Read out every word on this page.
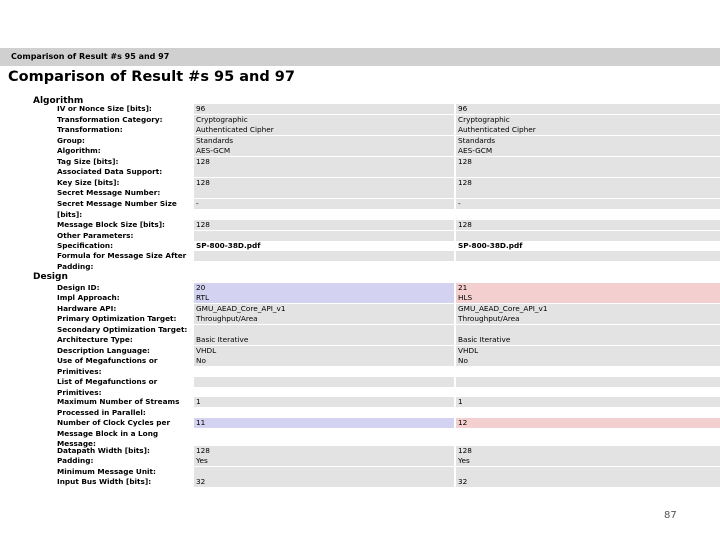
Comparison of Result #s 95 and 97
Comparison of Result #s 95 and 97
Algorithm
IV or Nonce Size [bits]:	96	96
Transformation Category:	Cryptographic	Cryptographic
Transformation:	Authenticated Cipher	Authenticated Cipher
Group:	Standards	Standards
Algorithm:	AES-GCM	AES-GCM
Tag Size [bits]:	128	128
Associated Data Support:
Key Size [bits]:	128	128
Secret Message Number:
Secret Message Number Size [bits]:
-	-
Message Block Size [bits]:	128	128
Other Parameters:
Specification:	SP-800-38D.pdf	SP-800-38D.pdf
Formula for Message Size After Padding:
Design
Design ID:	20	21
Impl Approach:	RTL	HLS
Hardware API:	GMU_AEAD_Core_API_v1	GMU_AEAD_Core_API_v1
Primary Optimization Target:	Throughput/Area	Throughput/Area
Secondary Optimization Target:
Architecture Type:	Basic Iterative	Basic Iterative
Description Language:	VHDL	VHDL
Use of Megafunctions or Primitives:
No	No
List of Megafunctions or Primitives:
Maximum Number of Streams Processed in Parallel:
1	1
Number of Clock Cycles per Message Block in a Long Message:
11	12
Datapath Width [bits]:	128	128
Padding:	Yes	Yes
Minimum Message Unit:
Input Bus Width [bits]:	32	32
87
